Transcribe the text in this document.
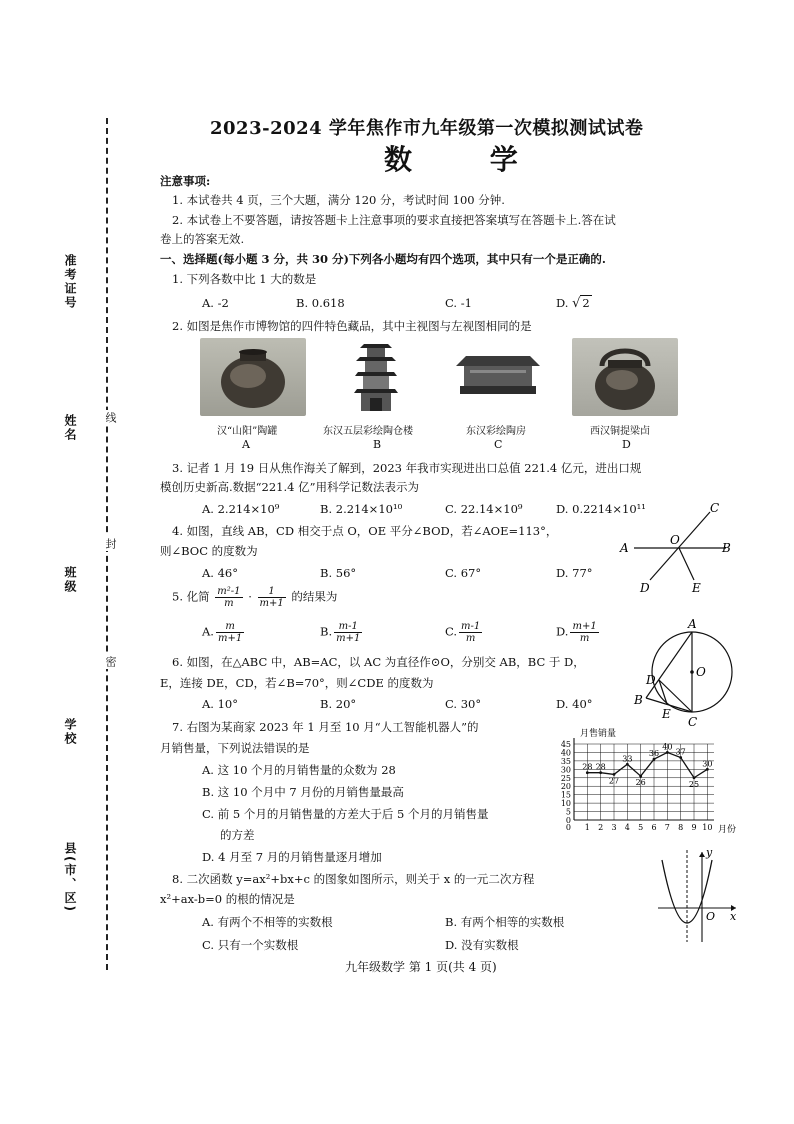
准考证号
姓名
班级
学校
县(市、区)
线
封
密
2023-2024 学年焦作市九年级第一次模拟测试试卷
数 学
注意事项:
1. 本试卷共 4 页，三个大题，满分 120 分，考试时间 100 分钟.
2. 本试卷上不要答题，请按答题卡上注意事项的要求直接把答案填写在答题卡上.答在试
卷上的答案无效.
一、选择题(每小题 3 分，共 30 分)下列各小题均有四个选项，其中只有一个是正确的.
1. 下列各数中比 1 大的数是
A. -2	B. 0.618	C. -1	D. √ 2
2. 如图是焦作市博物馆的四件特色藏品，其中主视图与左视图相同的是
汉“山阳”陶罐	东汉五层彩绘陶仓楼	东汉彩绘陶房	西汉铜提梁卣
A	B	C	D
3. 记者 1 月 19 日从焦作海关了解到，2023 年我市实现进出口总值 221.4 亿元，进出口规
模创历史新高.数据“221.4 亿”用科学记数法表示为
A. 2.214×10⁹	B. 2.214×10¹⁰	C. 22.14×10⁹	D. 0.2214×10¹¹
4. 如图，直线 AB，CD 相交于点 O，OE 平分∠BOD，若∠AOE=113°，
则∠BOC 的度数为
A. 46°	B. 56°	C. 67°	D. 77°
A	B
C
D	E
O
5. 化简 $\frac{\text{m²-1}}{m} \cdot \frac{1}{m+1}$ 的结果为
A. $\frac{m}{m+1}$	B. $\frac{m-1}{m+1}$	C. $\frac{m-1}{m}$	D. $\frac{m+1}{m}$
6. 如图，在△ABC 中，AB=AC，以 AC 为直径作⊙O，分别交 AB，BC 于 D，
E，连接 DE，CD，若∠B=70°，则∠CDE 的度数为
A. 10°	B. 20°	C. 30°	D. 40°
A
B
C
D
E
O
7. 右图为某商家 2023 年 1 月至 10 月“人工智能机器人”的
月销售量，下列说法错误的是
A. 这 10 个月的月销售量的众数为 28
B. 这 10 个月中 7 月份的月销售量最高
C. 前 5 个月的月销售量的方差大于后 5 个月的月销售量
的方差
D. 4 月至 7 月的月销售量逐月增加
0
5
10
15
20
25
30
35
40
45
1 2 3 4 5 6 7 8 9 10
0
28 28
27
33
26
36
40
37
25
30
月售销量
月份
8. 二次函数 y=ax²+bx+c 的图象如图所示，则关于 x 的一元二次方程
x²+ax-b=0 的根的情况是
A. 有两个不相等的实数根	B. 有两个相等的实数根
C. 只有一个实数根	D. 没有实数根
x
y
O
九年级数学 第 1 页(共 4 页)
